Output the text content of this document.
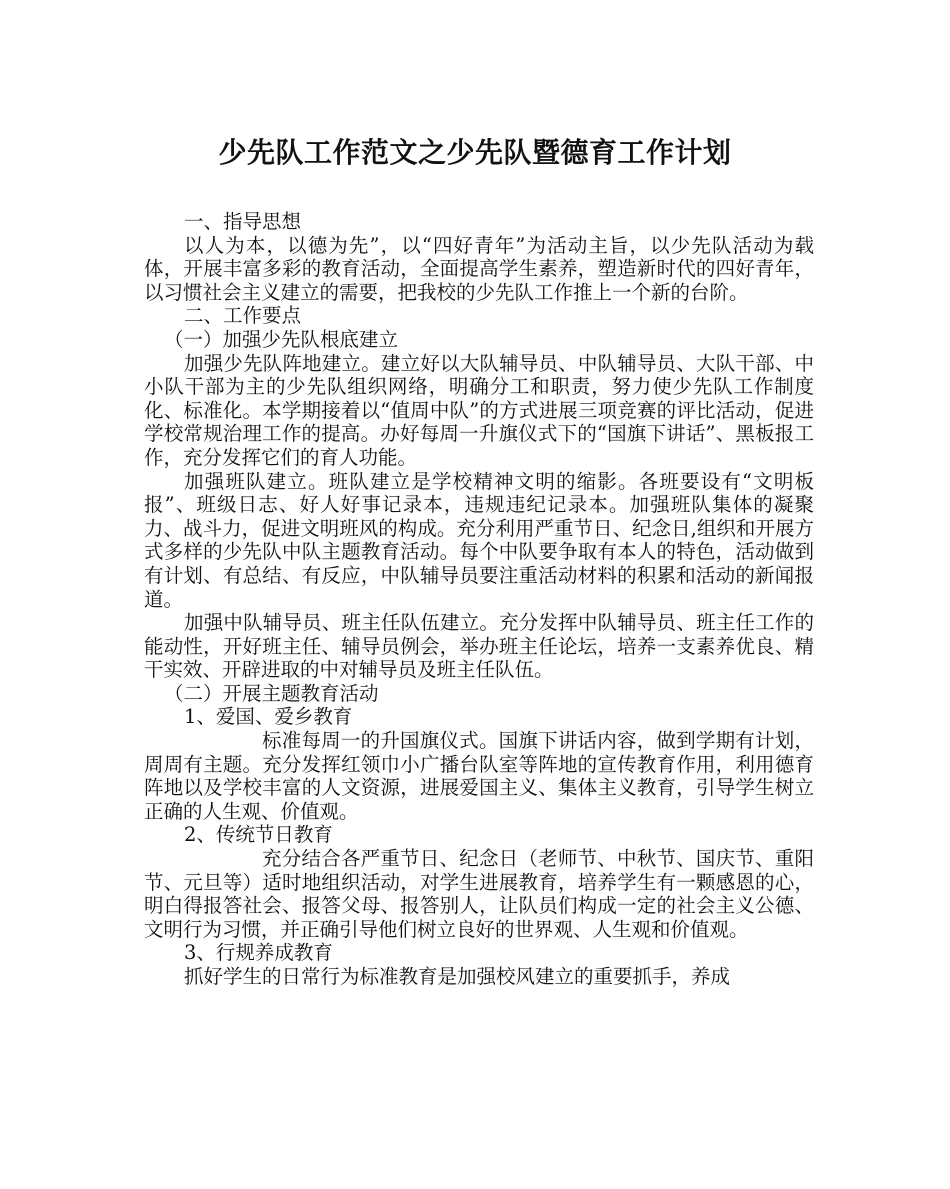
少先队工作范文之少先队暨德育工作计划

一、指导思想

以人为本，以德为先”，以“四好青年”为活动主旨，以少先队活动为载体，开展丰富多彩的教育活动，全面提高学生素养，塑造新时代的四好青年，以习惯社会主义建立的需要，把我校的少先队工作推上一个新的台阶。

二、工作要点

（一）加强少先队根底建立

加强少先队阵地建立。建立好以大队辅导员、中队辅导员、大队干部、中小队干部为主的少先队组织网络，明确分工和职责，努力使少先队工作制度化、标准化。本学期接着以“值周中队”的方式进展三项竞赛的评比活动，促进学校常规治理工作的提高。办好每周一升旗仪式下的“国旗下讲话”、黑板报工作，充分发挥它们的育人功能。

加强班队建立。班队建立是学校精神文明的缩影。各班要设有“文明板报”、班级日志、好人好事记录本，违规违纪记录本。加强班队集体的凝聚力、战斗力，促进文明班风的构成。充分利用严重节日、纪念日,组织和开展方式多样的少先队中队主题教育活动。每个中队要争取有本人的特色，活动做到有计划、有总结、有反应，中队辅导员要注重活动材料的积累和活动的新闻报道。

加强中队辅导员、班主任队伍建立。充分发挥中队辅导员、班主任工作的能动性，开好班主任、辅导员例会，举办班主任论坛，培养一支素养优良、精干实效、开辟进取的中对辅导员及班主任队伍。

（二）开展主题教育活动

1、爱国、爱乡教育

标准每周一的升国旗仪式。国旗下讲话内容，做到学期有计划，周周有主题。充分发挥红领巾小广播台队室等阵地的宣传教育作用，利用德育阵地以及学校丰富的人文资源，进展爱国主义、集体主义教育，引导学生树立正确的人生观、价值观。

2、传统节日教育

充分结合各严重节日、纪念日（老师节、中秋节、国庆节、重阳节、元旦等）适时地组织活动，对学生进展教育，培养学生有一颗感恩的心，明白得报答社会、报答父母、报答别人，让队员们构成一定的社会主义公德、文明行为习惯，并正确引导他们树立良好的世界观、人生观和价值观。

3、行规养成教育

抓好学生的日常行为标准教育是加强校风建立的重要抓手，养成
